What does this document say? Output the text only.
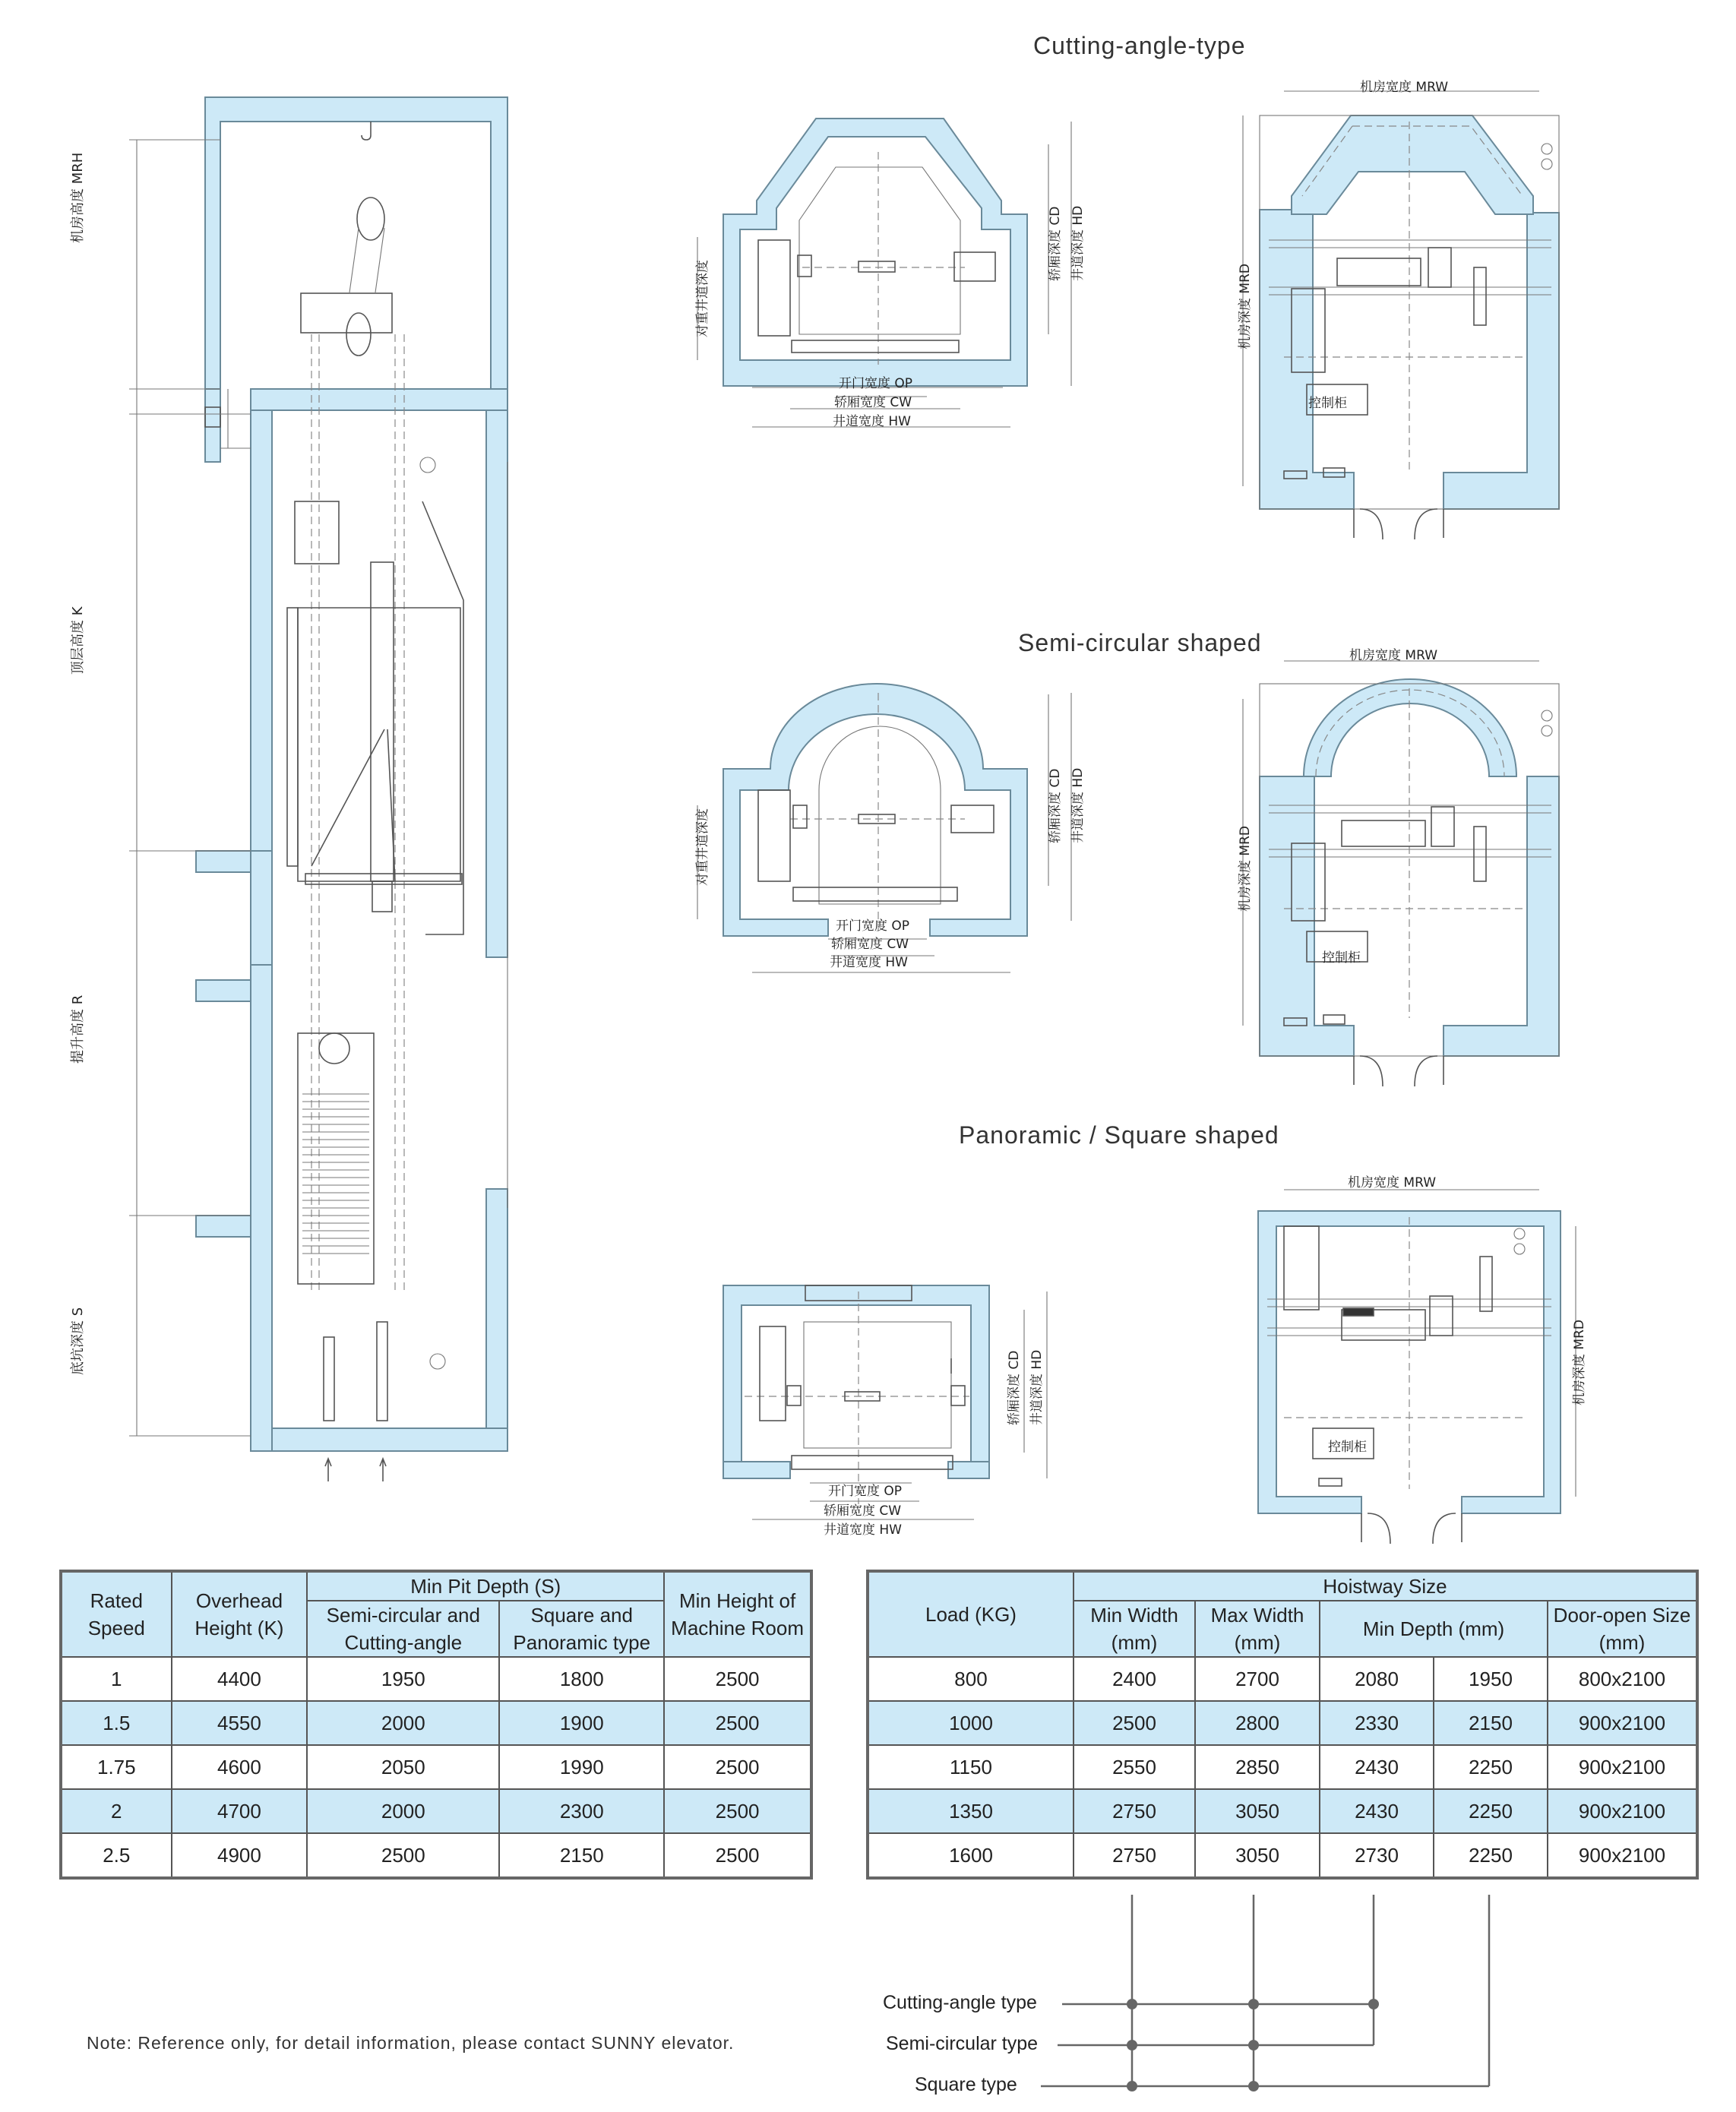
Cutting-angle-type
Semi-circular shaped
Panoramic / Square shaped
机房高度 MRH
顶层高度 K
提升高度 R
底坑深度 S
开门宽度 OP
轿厢宽度 CW
井道宽度 HW
轿厢深度 CD 井道深度 HD
对重井道深度
机房宽度 MRW
机房深度 MRD
控制柜
开门宽度 OP
轿厢宽度 CW
井道宽度 HW
轿厢深度 CD 井道深度 HD
对重井道深度
机房宽度 MRW
机房深度 MRD
控制柜
开门宽度 OP
轿厢宽度 CW
井道宽度 HW
轿厢深度 CD 井道深度 HD
机房宽度 MRW
机房深度 MRD
控制柜
Rated Speed	Overhead Height (K)	Min Pit Depth (S)		Min Height of Machine Room
		Semi-circular and Cutting-angle	Square and Panoramic type	
1	4400	1950	1800	2500
1.5	4550	2000	1900	2500
1.75	4600	2050	1990	2500
2	4700	2000	2300	2500
2.5	4900	2500	2150	2500
Load (KG)	Hoistway Size				
	Min Width (mm)	Max Width (mm)	Min Depth (mm)		Door-open Size (mm)
800	2400	2700	2080	1950	800x2100
1000	2500	2800	2330	2150	900x2100
1150	2550	2850	2430	2250	900x2100
1350	2750	3050	2430	2250	900x2100
1600	2750	3050	2730	2250	900x2100
Cutting-angle type
Semi-circular type
Square type
Note: Reference only, for detail information, please contact SUNNY elevator.
